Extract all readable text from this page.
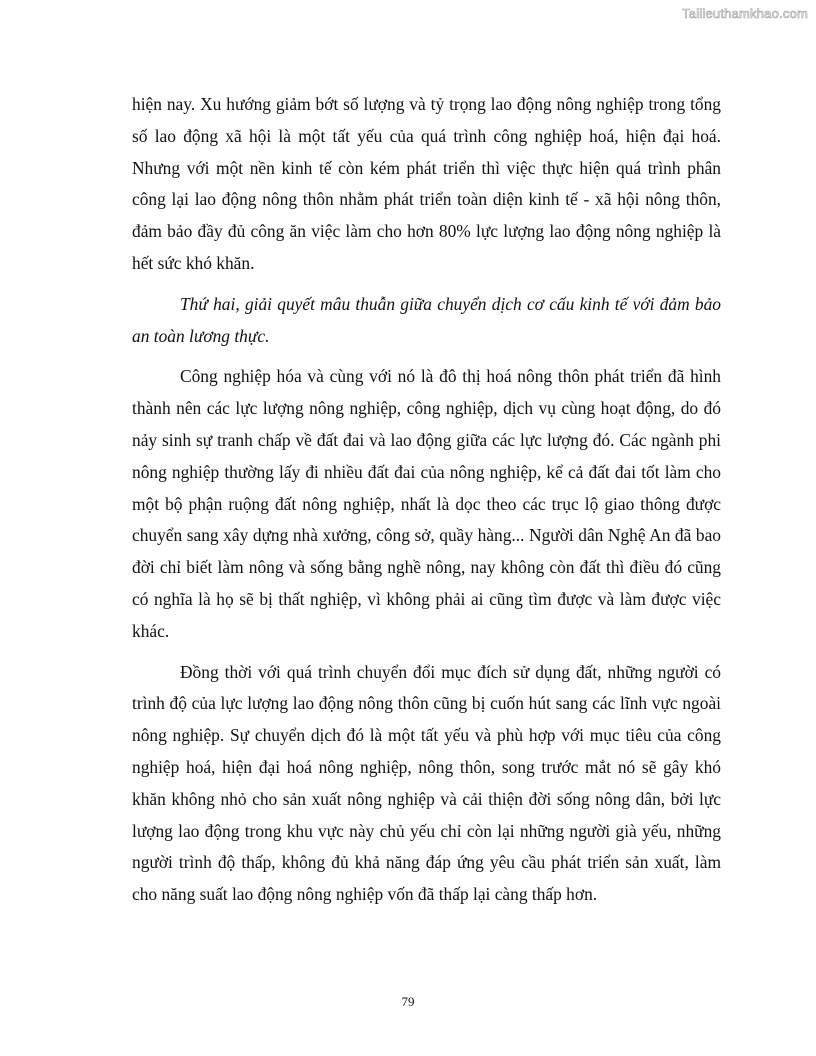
Tailieuthamkhao.com

hiện nay. Xu hướng giảm bớt số lượng và tỷ trọng lao động nông nghiệp trong tổng số lao động xã hội là một tất yếu của quá trình công nghiệp hoá, hiện đại hoá. Nhưng với một nền kinh tế còn kém phát triển thì việc thực hiện quá trình phân công lại lao động nông thôn nhằm phát triển toàn diện kinh tế - xã hội nông thôn, đảm bảo đầy đủ công ăn việc làm cho hơn 80% lực lượng lao động nông nghiệp là hết sức khó khăn.

Thứ hai, giải quyết mâu thuẫn giữa chuyển dịch cơ cấu kinh tế với đảm bảo an toàn lương thực.

Công nghiệp hóa và cùng với nó là đô thị hoá nông thôn phát triển đã hình thành nên các lực lượng nông nghiệp, công nghiệp, dịch vụ cùng hoạt động, do đó nảy sinh sự tranh chấp về đất đai và lao động giữa các lực lượng đó. Các ngành phi nông nghiệp thường lấy đi nhiều đất đai của nông nghiệp, kể cả đất đai tốt làm cho một bộ phận ruộng đất nông nghiệp, nhất là dọc theo các trục lộ giao thông được chuyển sang xây dựng nhà xưởng, công sở, quầy hàng... Người dân Nghệ An đã bao đời chỉ biết làm nông và sống bằng nghề nông, nay không còn đất thì điều đó cũng có nghĩa là họ sẽ bị thất nghiệp, vì không phải ai cũng tìm được và làm được việc khác.

Đồng thời với quá trình chuyển đổi mục đích sử dụng đất, những người có trình độ của lực lượng lao động nông thôn cũng bị cuốn hút sang các lĩnh vực ngoài nông nghiệp. Sự chuyển dịch đó là một tất yếu và phù hợp với mục tiêu của công nghiệp hoá, hiện đại hoá nông nghiệp, nông thôn, song trước mắt nó sẽ gây khó khăn không nhỏ cho sản xuất nông nghiệp và cải thiện đời sống nông dân, bởi lực lượng lao động trong khu vực này chủ yếu chỉ còn lại những người già yếu, những người trình độ thấp, không đủ khả năng đáp ứng yêu cầu phát triển sản xuất, làm cho năng suất lao động nông nghiệp vốn đã thấp lại càng thấp hơn.

79
